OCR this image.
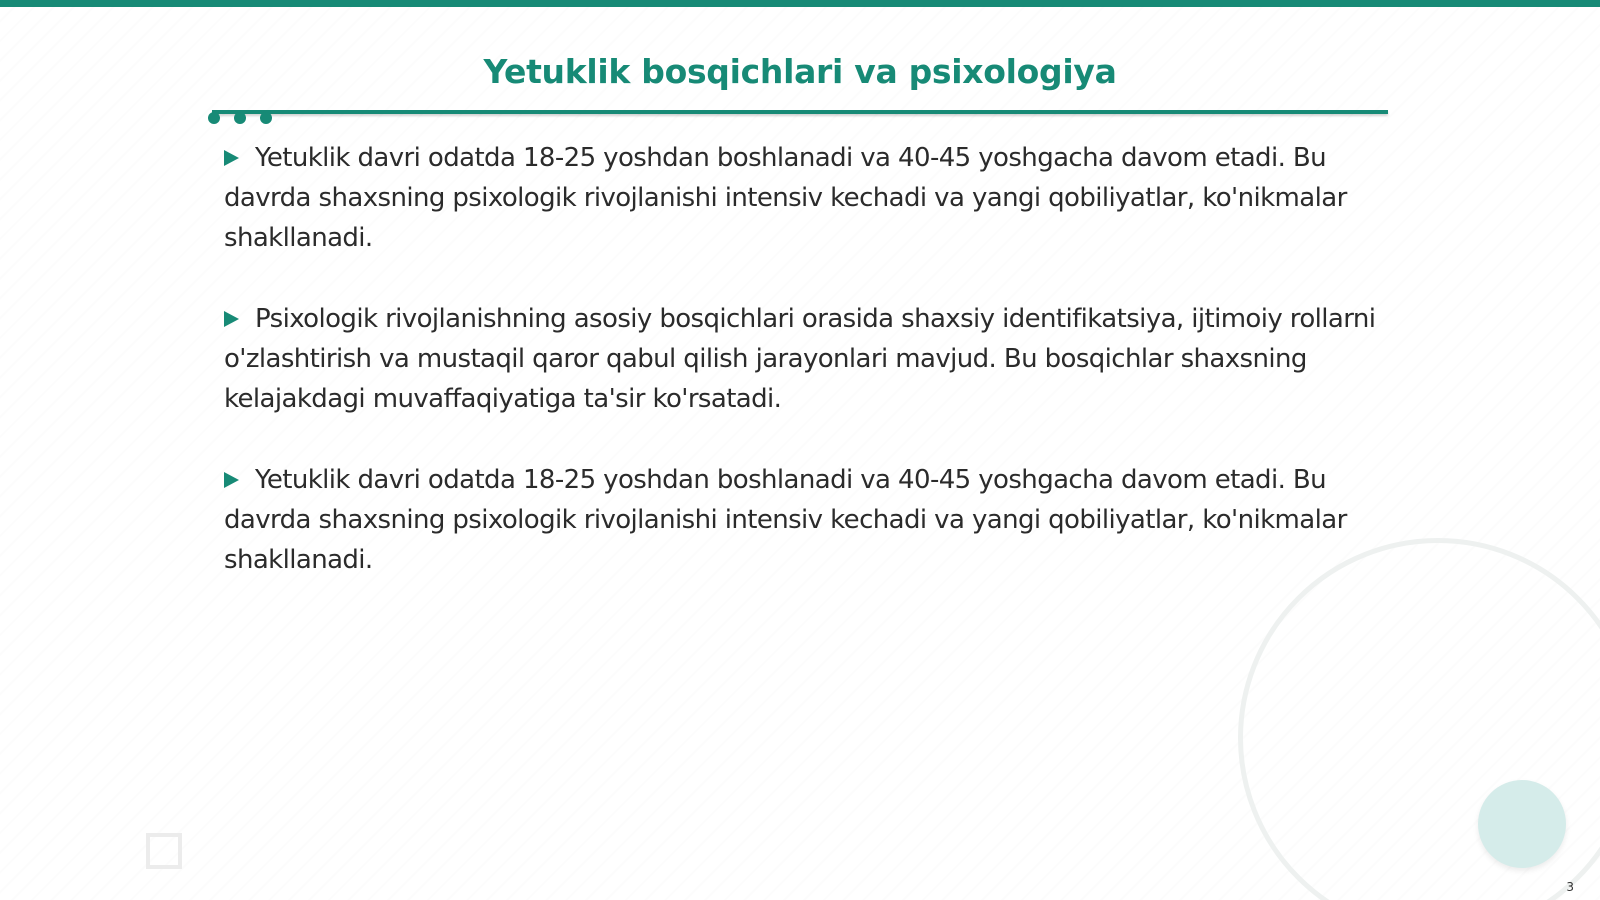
Yetuklik bosqichlari va psixologiya

Yetuklik davri odatda 18-25 yoshdan boshlanadi va 40-45 yoshgacha davom etadi. Bu davrda shaxsning psixologik rivojlanishi intensiv kechadi va yangi qobiliyatlar, ko'nikmalar shakllanadi.

Psixologik rivojlanishning asosiy bosqichlari orasida shaxsiy identifikatsiya, ijtimoiy rollarni o'zlashtirish va mustaqil qaror qabul qilish jarayonlari mavjud. Bu bosqichlar shaxsning kelajakdagi muvaffaqiyatiga ta'sir ko'rsatadi.

Yetuklik davri odatda 18-25 yoshdan boshlanadi va 40-45 yoshgacha davom etadi. Bu davrda shaxsning psixologik rivojlanishi intensiv kechadi va yangi qobiliyatlar, ko'nikmalar shakllanadi.

3
